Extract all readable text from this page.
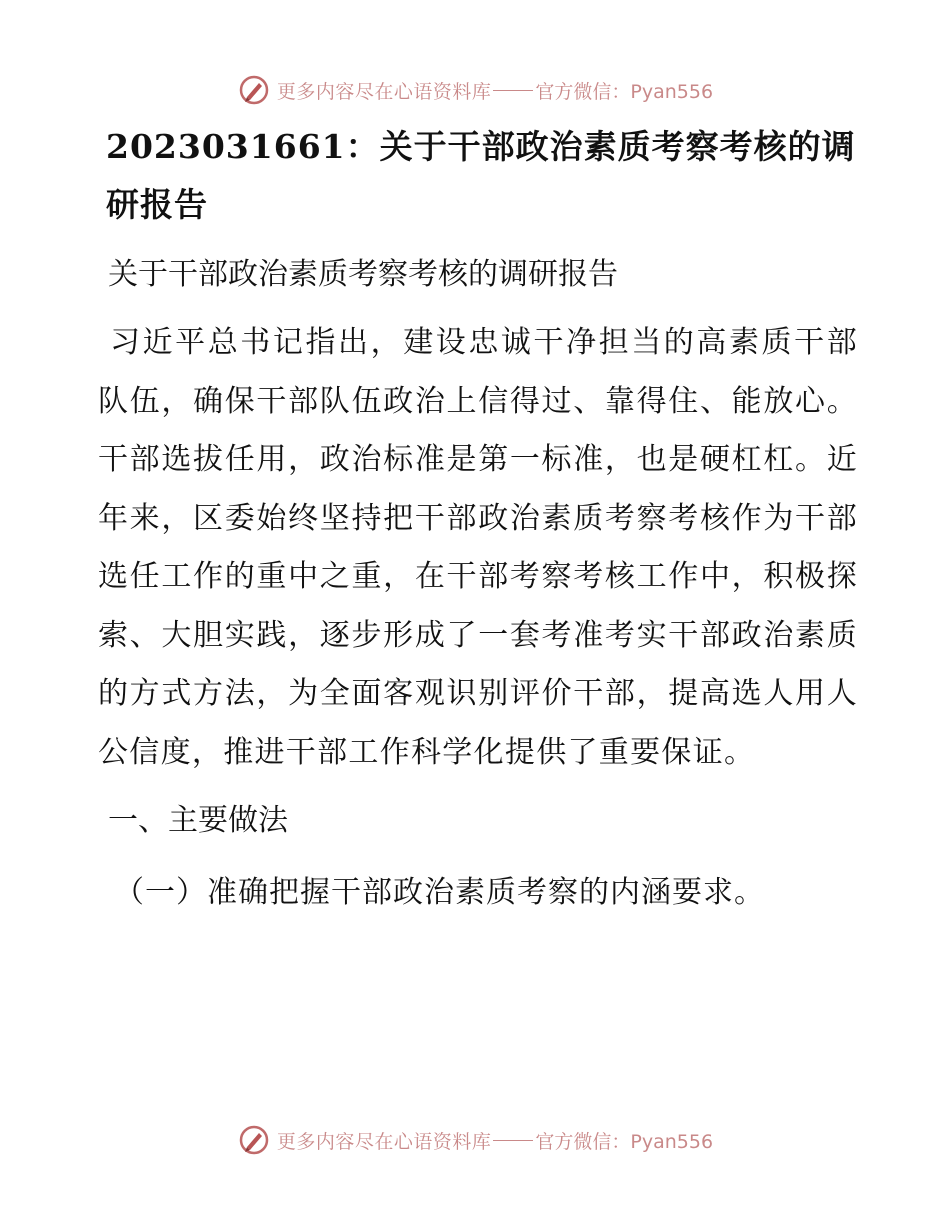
更多内容尽在心语资料库 官方微信：Pyan556
2023031661：关于干部政治素质考察考核的调研报告

关于干部政治素质考察考核的调研报告

习近平总书记指出，建设忠诚干净担当的高素质干部队伍，确保干部队伍政治上信得过、靠得住、能放心。干部选拔任用，政治标准是第一标准，也是硬杠杠。近年来，区委始终坚持把干部政治素质考察考核作为干部选任工作的重中之重，在干部考察考核工作中，积极探索、大胆实践，逐步形成了一套考准考实干部政治素质的方式方法，为全面客观识别评价干部，提高选人用人公信度，推进干部工作科学化提供了重要保证。

一、主要做法

（一）准确把握干部政治素质考察的内涵要求。

更多内容尽在心语资料库 官方微信：Pyan556
